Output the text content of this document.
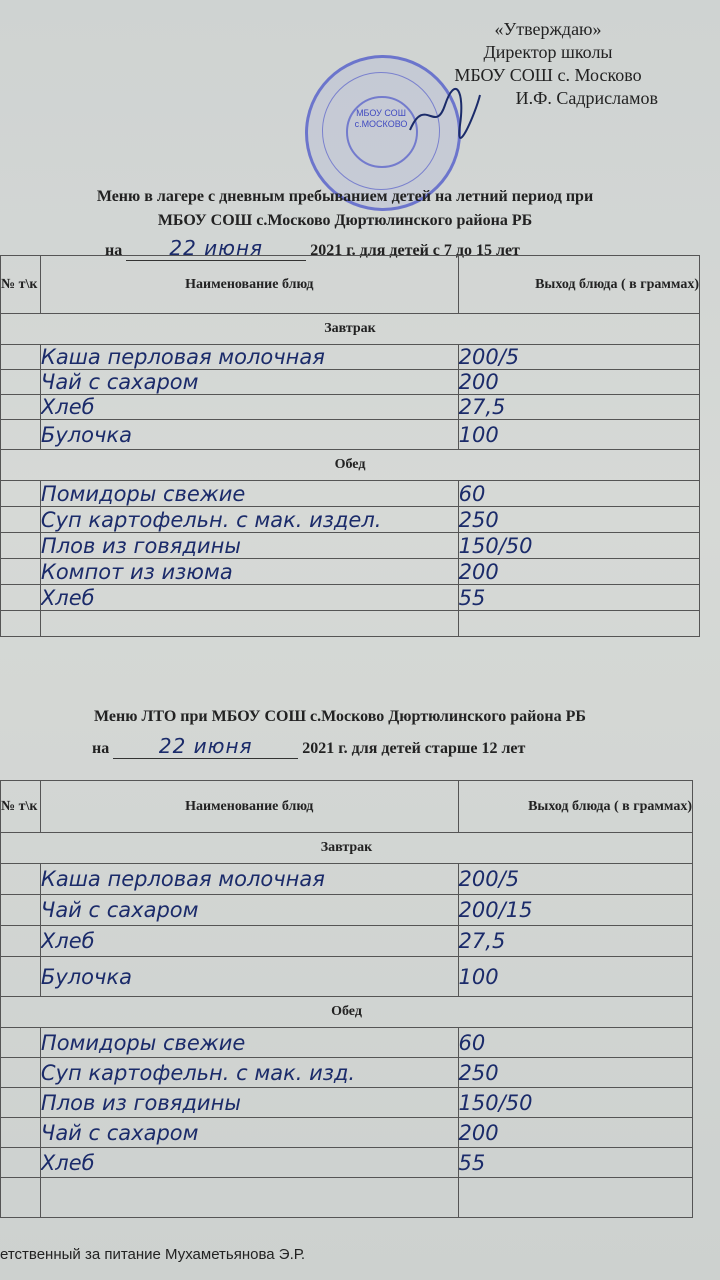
«Утверждаю»
Директор школы
МБОУ СОШ с. Москово
И.Ф. Садрисламов
МБОУ СОШ с.МОСКОВО
Меню в лагере с дневным пребыванием детей на летний период при
МБОУ СОШ с.Москово Дюртюлинского района РБ
на 22 июня	2021 г. для детей с 7 до 15 лет
№ т\к	Наименование блюд	Выход блюда ( в граммах)
Завтрак		
	Каша перловая молочная	200/5
	Чай с сахаром	200
	Хлеб	27,5
	Булочка	100
Обед		
	Помидоры свежие	60
	Суп картофельн. с мак. издел.	250
	Плов из говядины	150/50
	Компот из изюма	200
	Хлеб	55

Меню ЛТО при МБОУ СОШ с.Москово Дюртюлинского района РБ
на 22 июня	2021 г. для детей старше 12 лет
№ т\к	Наименование блюд	Выход блюда ( в граммах)
Завтрак		
	Каша перловая молочная	200/5
	Чай с сахаром	200/15
	Хлеб	27,5
	Булочка	100
Обед		
	Помидоры свежие	60
	Суп картофельн. с мак. изд.	250
	Плов из говядины	150/50
	Чай с сахаром	200
	Хлеб	55

етственный за питание Мухаметьянова Э.Р.
